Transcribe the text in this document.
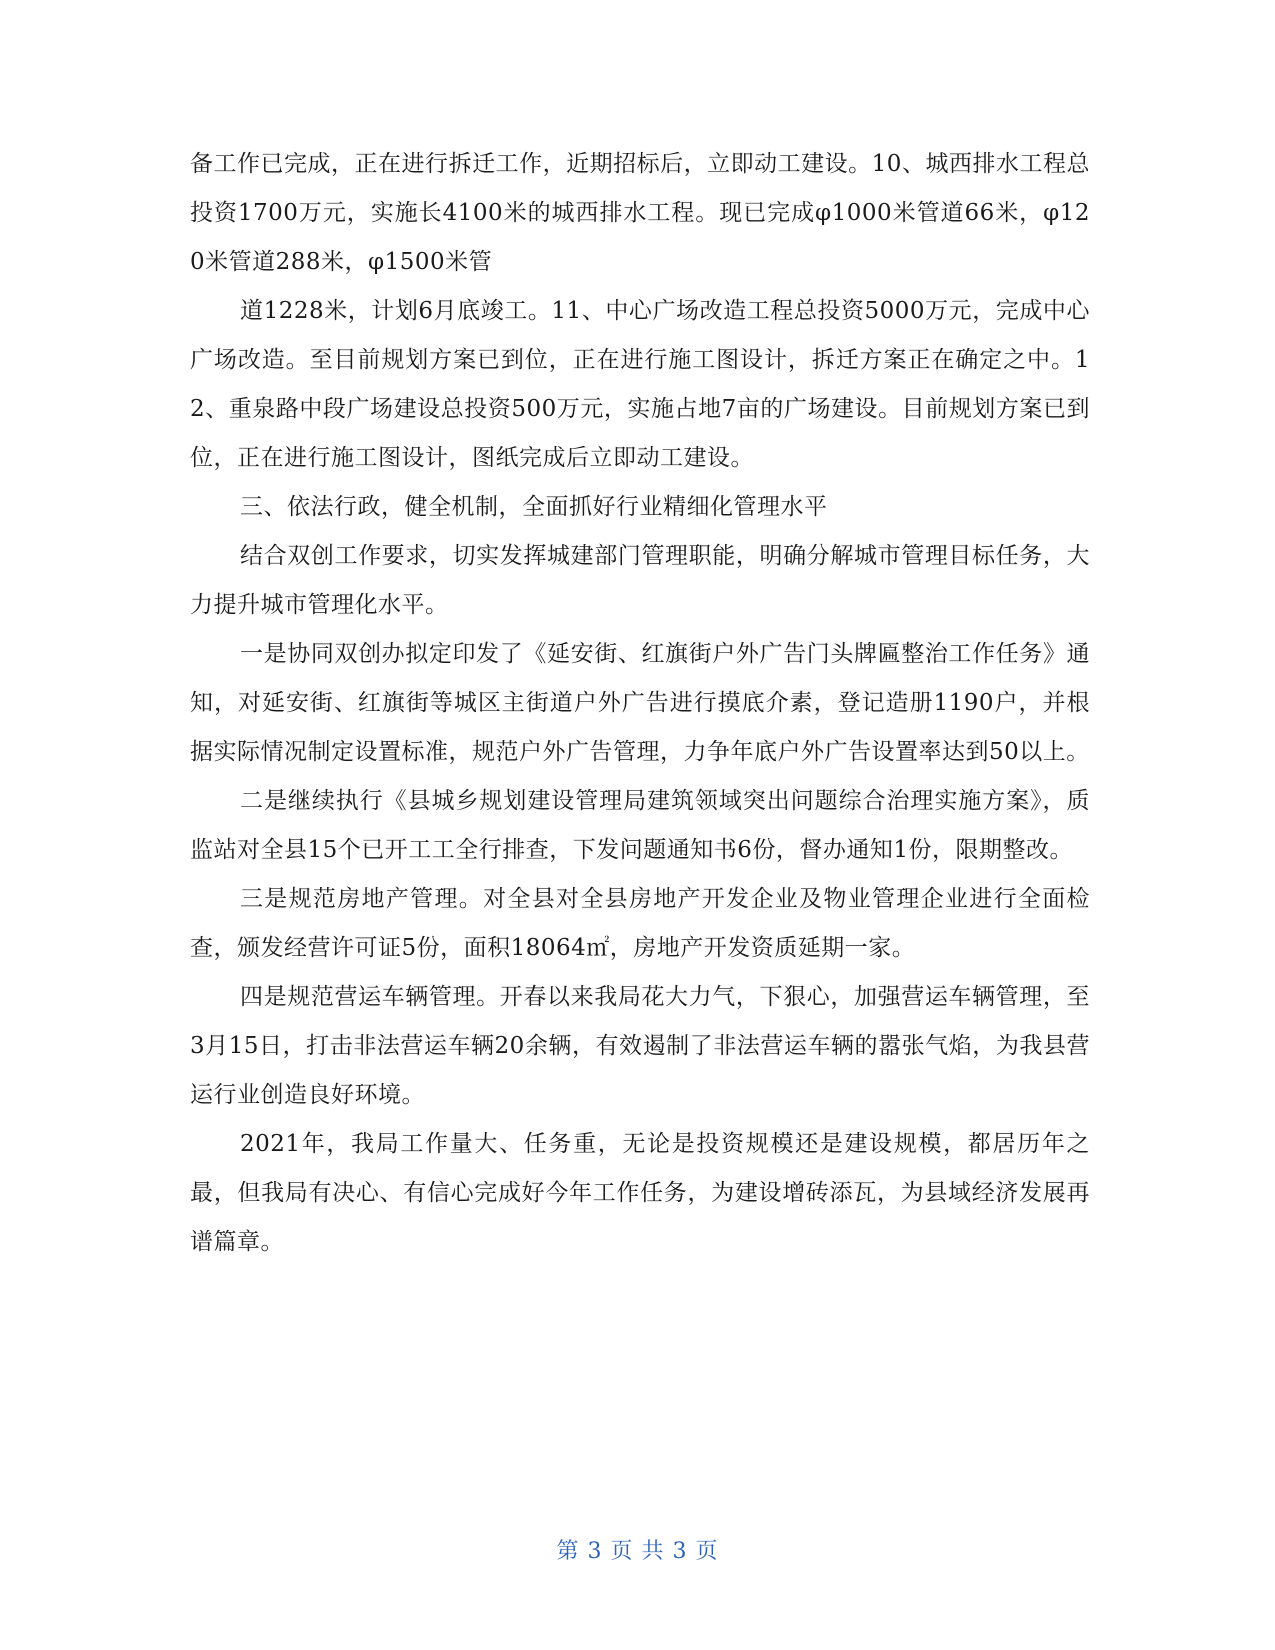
备工作已完成，正在进行拆迁工作，近期招标后，立即动工建设。10、城西排水工程总投资1700万元，实施长4100米的城西排水工程。现已完成φ1000米管道66米，φ120米管道288米，φ1500米管

道1228米，计划6月底竣工。11、中心广场改造工程总投资5000万元，完成中心广场改造。至目前规划方案已到位，正在进行施工图设计，拆迁方案正在确定之中。12、重泉路中段广场建设总投资500万元，实施占地7亩的广场建设。目前规划方案已到位，正在进行施工图设计，图纸完成后立即动工建设。

三、依法行政，健全机制，全面抓好行业精细化管理水平

结合双创工作要求，切实发挥城建部门管理职能，明确分解城市管理目标任务，大力提升城市管理化水平。

一是协同双创办拟定印发了《延安街、红旗街户外广告门头牌匾整治工作任务》通知，对延安街、红旗街等城区主街道户外广告进行摸底介素，登记造册1190户，并根据实际情况制定设置标准，规范户外广告管理，力争年底户外广告设置率达到50以上。

二是继续执行《县城乡规划建设管理局建筑领域突出问题综合治理实施方案》，质监站对全县15个已开工工全行排查，下发问题通知书6份，督办通知1份，限期整改。

三是规范房地产管理。对全县对全县房地产开发企业及物业管理企业进行全面检查，颁发经营许可证5份，面积18064㎡，房地产开发资质延期一家。

四是规范营运车辆管理。开春以来我局花大力气，下狠心，加强营运车辆管理，至3月15日，打击非法营运车辆20余辆，有效遏制了非法营运车辆的嚣张气焰，为我县营运行业创造良好环境。

2021年，我局工作量大、任务重，无论是投资规模还是建设规模，都居历年之最，但我局有决心、有信心完成好今年工作任务，为建设增砖添瓦，为县域经济发展再谱篇章。

第 3 页 共 3 页
